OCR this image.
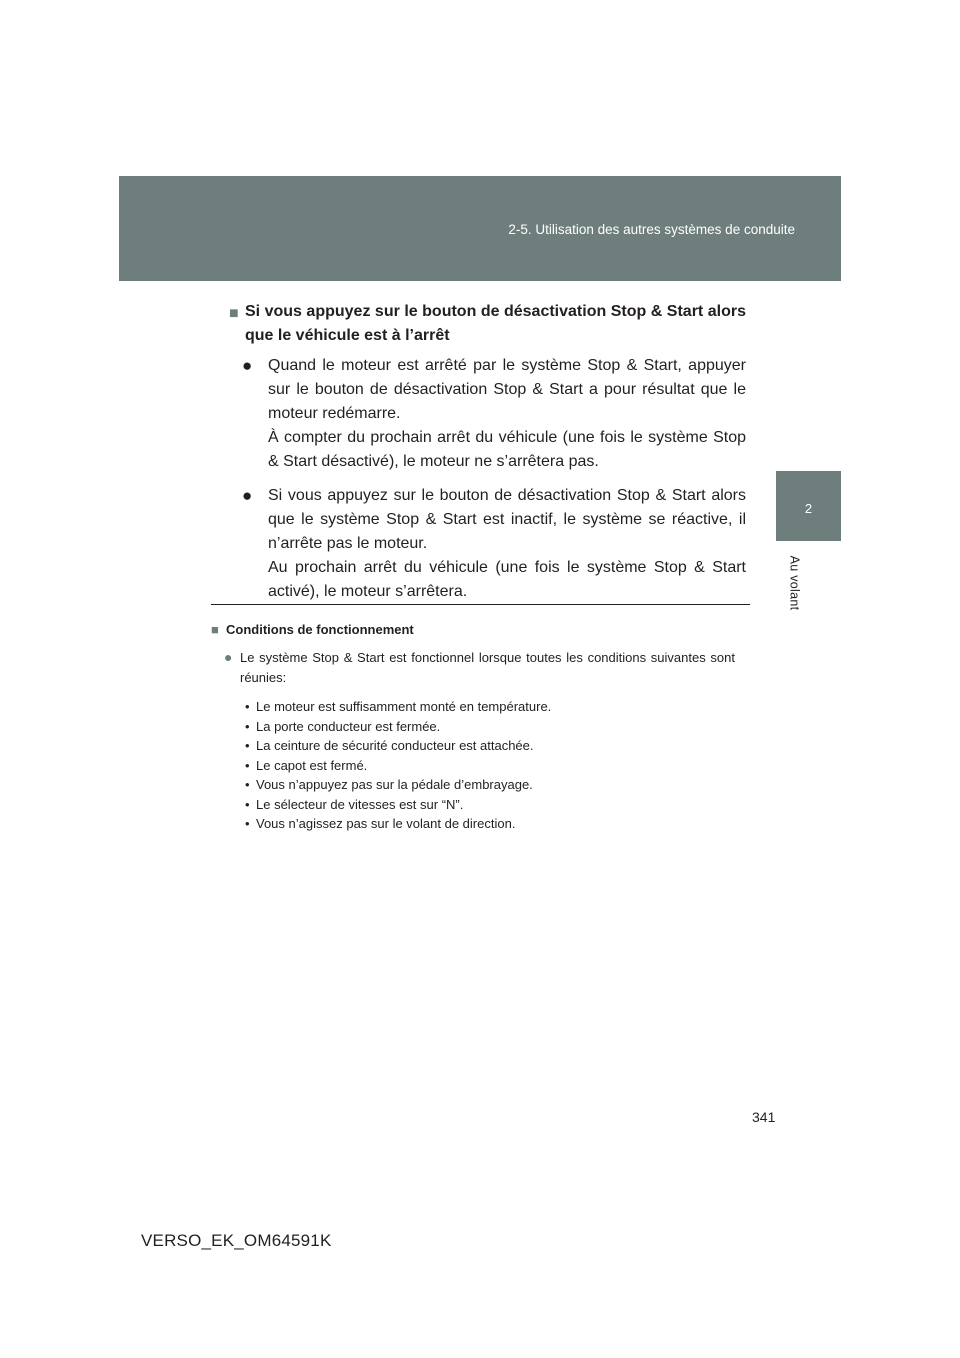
2-5. Utilisation des autres systèmes de conduite
2
Au volant
■ Si vous appuyez sur le bouton de désactivation Stop & Start alors que le véhicule est à l’arrêt
● Quand le moteur est arrêté par le système Stop & Start, appuyer sur le bouton de désactivation Stop & Start a pour résultat que le moteur redémarre.

À compter du prochain arrêt du véhicule (une fois le système Stop & Start désactivé), le moteur ne s’arrêtera pas.

● Si vous appuyez sur le bouton de désactivation Stop & Start alors que le système Stop & Start est inactif, le système se réactive, il n’arrête pas le moteur.

Au prochain arrêt du véhicule (une fois le système Stop & Start activé), le moteur s’arrêtera.

■ Conditions de fonctionnement
● Le système Stop & Start est fonctionnel lorsque toutes les conditions suivantes sont réunies:
• Le moteur est suffisamment monté en température.
• La porte conducteur est fermée.
• La ceinture de sécurité conducteur est attachée.
• Le capot est fermé.
• Vous n’appuyez pas sur la pédale d’embrayage.
• Le sélecteur de vitesses est sur “N”.
• Vous n’agissez pas sur le volant de direction.
341
VERSO_EK_OM64591K
